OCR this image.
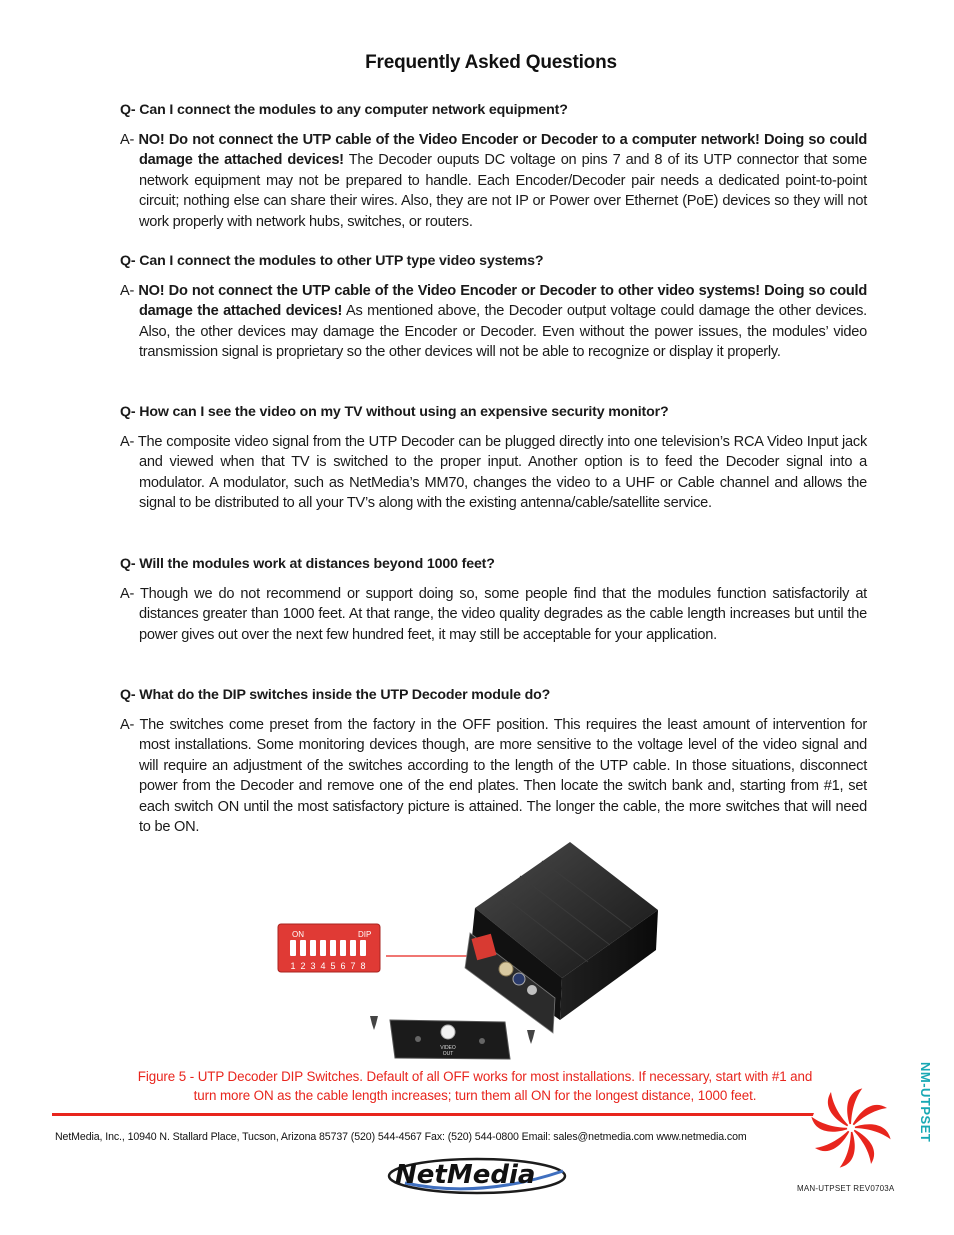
Frequently Asked Questions

Q- Can I connect the modules to any computer network equipment?

A- NO! Do not connect the UTP cable of the Video Encoder or Decoder to a computer network! Doing so could damage the attached devices! The Decoder ouputs DC voltage on pins 7 and 8 of its UTP connector that some network equipment may not be prepared to handle. Each Encoder/Decoder pair needs a dedicated point-to-point circuit; nothing else can share their wires. Also, they are not IP or Power over Ethernet (PoE) devices so they will not work properly with network hubs, switches, or routers.

Q- Can I connect the modules to other UTP type video systems?

A- NO! Do not connect the UTP cable of the Video Encoder or Decoder to other video systems! Doing so could damage the attached devices! As mentioned above, the Decoder output voltage could damage the other devices. Also, the other devices may damage the Encoder or Decoder. Even without the power issues, the modules’ video transmission signal is proprietary so the other devices will not be able to recognize or display it properly.

Q- How can I see the video on my TV without using an expensive security monitor?

A- The composite video signal from the UTP Decoder can be plugged directly into one television’s RCA Video Input jack and viewed when that TV is switched to the proper input. Another option is to feed the Decoder signal into a modulator. A modulator, such as NetMedia’s MM70, changes the video to a UHF or Cable channel and allows the signal to be distributed to all your TV’s along with the existing antenna/cable/satellite service.

Q- Will the modules work at distances beyond 1000 feet?

A- Though we do not recommend or support doing so, some people find that the modules function satisfactorily at distances greater than 1000 feet. At that range, the video quality degrades as the cable length increases but until the power gives out over the next few hundred feet, it may still be acceptable for your application.

Q- What do the DIP switches inside the UTP Decoder module do?

A- The switches come preset from the factory in the OFF position. This requires the least amount of intervention for most installations. Some monitoring devices though, are more sensitive to the voltage level of the video signal and will require an adjustment of the switches according to the length of the UTP cable. In those situations, disconnect power from the Decoder and remove one of the end plates. Then locate the switch bank and, starting from #1, set each switch ON until the most satisfactory picture is attained. The longer the cable, the more switches that will need to be ON.

ON	DIP
1 2 3 4 5 6 7 8
VIDEO
OUT
Figure 5 - UTP Decoder DIP Switches. Default of all OFF works for most installations. If necessary, start with #1 and
turn more ON as the cable length increases; turn them all ON for the longest distance, 1000 feet.
NetMedia, Inc., 10940 N. Stallard Place, Tucson, Arizona 85737 (520) 544-4567 Fax: (520) 544-0800 Email: sales@netmedia.com www.netmedia.com	NM-UTPSET
NetMedia	MAN-UTPSET REV0703A
